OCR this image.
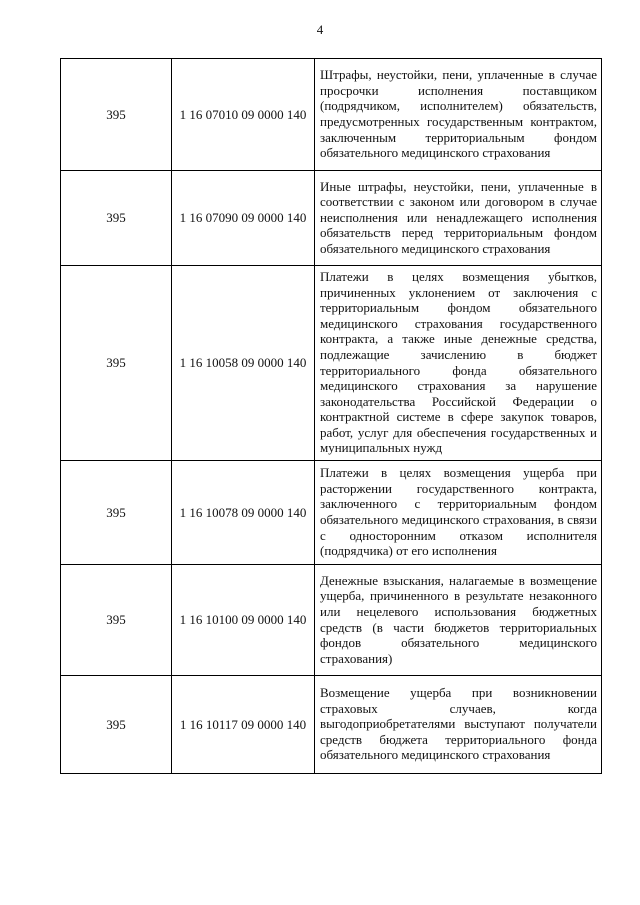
4
395	1 16 07010 09 0000 140	Штрафы, неустойки, пени, уплаченные в случае просрочки исполнения поставщиком (подрядчиком, исполнителем) обязательств, предусмотренных государственным контрактом, заключенным территориальным фондом обязательного медицинского страхования
395	1 16 07090 09 0000 140	Иные штрафы, неустойки, пени, уплаченные в соответствии с законом или договором в случае неисполнения или ненадлежащего исполнения обязательств перед территориальным фондом обязательного медицинского страхования
395	1 16 10058 09 0000 140	Платежи в целях возмещения убытков, причиненных уклонением от заключения с территориальным фондом обязательного медицинского страхования государственного контракта, а также иные денежные средства, подлежащие зачислению в бюджет территориального фонда обязательного медицинского страхования за нарушение законодательства Российской Федерации о контрактной системе в сфере закупок товаров, работ, услуг для обеспечения государственных и муниципальных нужд
395	1 16 10078 09 0000 140	Платежи в целях возмещения ущерба при расторжении государственного контракта, заключенного с территориальным фондом обязательного медицинского страхования, в связи с односторонним отказом исполнителя (подрядчика) от его исполнения
395	1 16 10100 09 0000 140	Денежные взыскания, налагаемые в возмещение ущерба, причиненного в результате незаконного или нецелевого использования бюджетных средств (в части бюджетов территориальных фондов обязательного медицинского страхования)
395	1 16 10117 09 0000 140	Возмещение ущерба при возникновении страховых случаев, когда выгодоприобретателями выступают получатели средств бюджета территориального фонда обязательного медицинского страхования
